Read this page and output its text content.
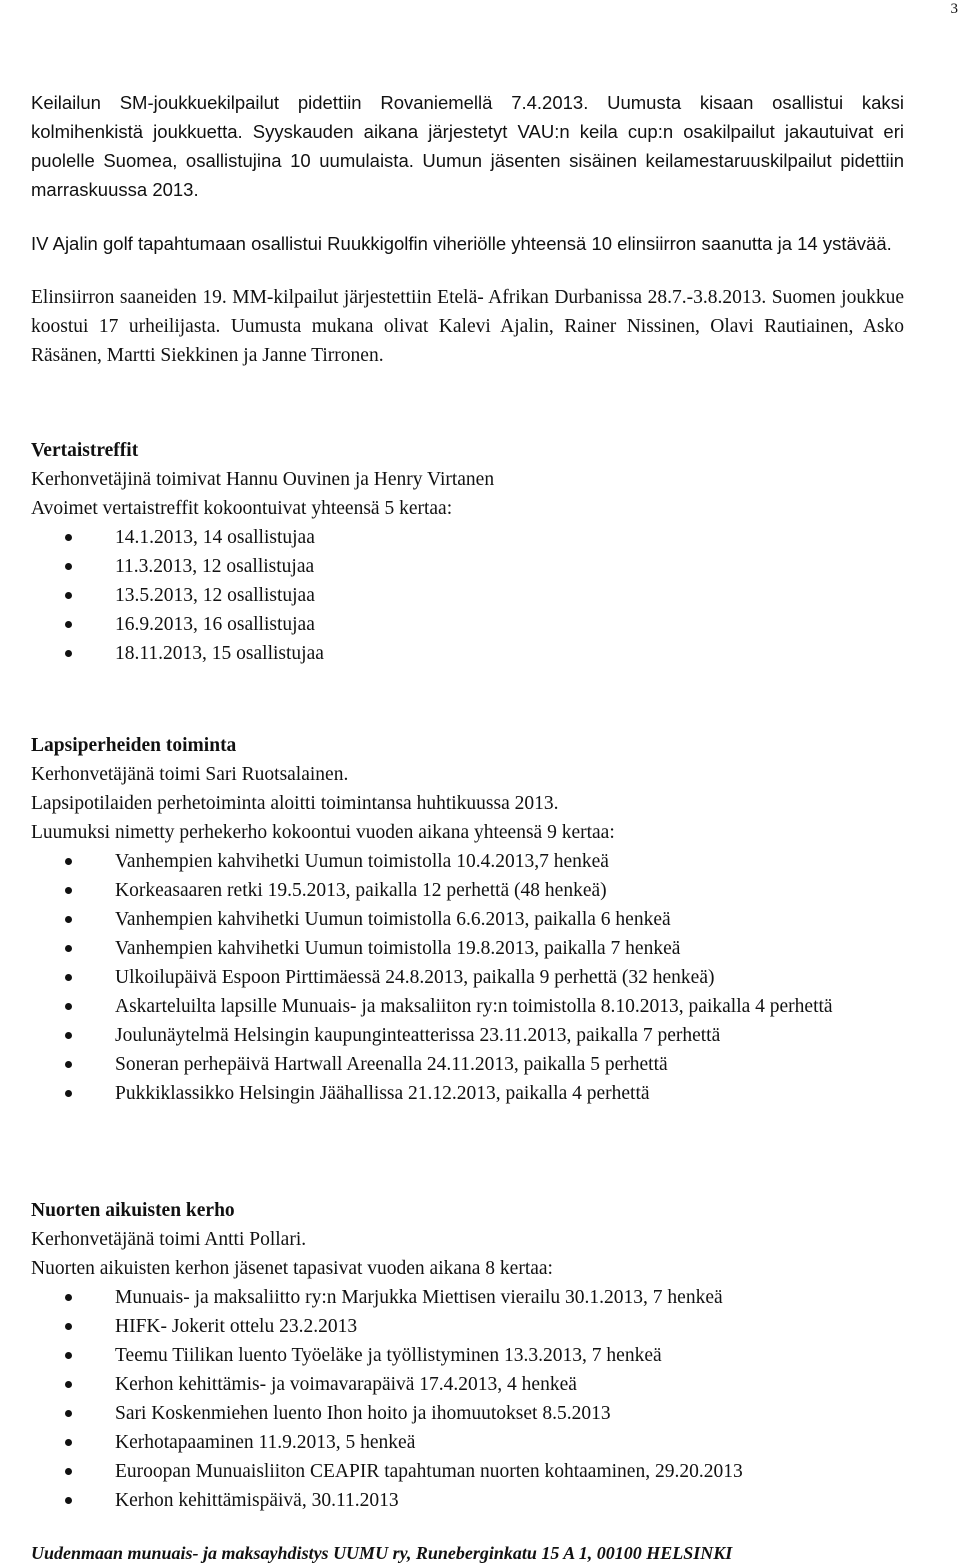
3

Keilailun SM-joukkuekilpailut pidettiin Rovaniemellä 7.4.2013. Uumusta kisaan osallistui kaksi kolmihenkistä joukkuetta. Syyskauden aikana järjestetyt VAU:n keila cup:n osakilpailut jakautuivat eri puolelle Suomea, osallistujina 10 uumulaista. Uumun jäsenten sisäinen keilamestaruuskilpailut pidettiin marraskuussa 2013.

IV Ajalin golf tapahtumaan osallistui Ruukkigolfin viheriölle yhteensä 10 elinsiirron saanutta ja 14 ystävää.

Elinsiirron saaneiden 19. MM-kilpailut järjestettiin Etelä- Afrikan Durbanissa 28.7.-3.8.2013. Suomen joukkue koostui 17 urheilijasta. Uumusta mukana olivat Kalevi Ajalin, Rainer Nissinen, Olavi Rautiainen, Asko Räsänen, Martti Siekkinen ja Janne Tirronen.

Vertaistreffit

Kerhonvetäjinä toimivat Hannu Ouvinen ja Henry Virtanen

Avoimet vertaistreffit kokoontuivat yhteensä 5 kertaa:

14.1.2013, 14 osallistujaa
11.3.2013, 12 osallistujaa
13.5.2013, 12 osallistujaa
16.9.2013, 16 osallistujaa
18.11.2013, 15 osallistujaa

Lapsiperheiden toiminta

Kerhonvetäjänä toimi Sari Ruotsalainen.

Lapsipotilaiden perhetoiminta aloitti toimintansa huhtikuussa 2013.

Luumuksi nimetty perhekerho kokoontui vuoden aikana yhteensä 9 kertaa:

Vanhempien kahvihetki Uumun toimistolla 10.4.2013,7 henkeä
Korkeasaaren retki 19.5.2013, paikalla 12 perhettä (48 henkeä)
Vanhempien kahvihetki Uumun toimistolla 6.6.2013, paikalla 6 henkeä
Vanhempien kahvihetki Uumun toimistolla 19.8.2013, paikalla 7 henkeä
Ulkoilupäivä Espoon Pirttimäessä 24.8.2013, paikalla 9 perhettä (32 henkeä)
Askarteluilta lapsille Munuais- ja maksaliiton ry:n toimistolla 8.10.2013, paikalla 4 perhettä
Joulunäytelmä Helsingin kaupunginteatterissa 23.11.2013, paikalla 7 perhettä
Soneran perhepäivä Hartwall Areenalla 24.11.2013, paikalla 5 perhettä
Pukkiklassikko Helsingin Jäähallissa 21.12.2013, paikalla 4 perhettä

Nuorten aikuisten kerho

Kerhonvetäjänä toimi Antti Pollari.

Nuorten aikuisten kerhon jäsenet tapasivat vuoden aikana 8 kertaa:

Munuais- ja maksaliitto ry:n Marjukka Miettisen vierailu 30.1.2013, 7 henkeä
HIFK- Jokerit ottelu 23.2.2013
Teemu Tiilikan luento Työeläke ja työllistyminen 13.3.2013, 7 henkeä
Kerhon kehittämis- ja voimavarapäivä 17.4.2013, 4 henkeä
Sari Koskenmiehen luento Ihon hoito ja ihomuutokset 8.5.2013
Kerhotapaaminen 11.9.2013, 5 henkeä
Euroopan Munuaisliiton CEAPIR tapahtuman nuorten kohtaaminen, 29.20.2013
Kerhon kehittämispäivä, 30.11.2013
Uudenmaan munuais- ja maksayhdistys UUMU ry, Runeberginkatu 15 A 1, 00100 HELSINKI
